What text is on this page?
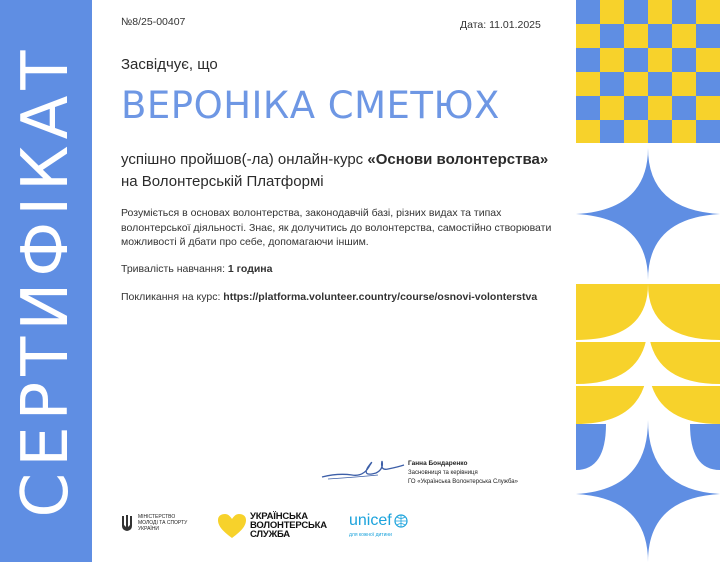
СЕРТИФІКАТ
№8/25-00407	Дата: 11.01.2025
Засвідчує, що
ВЕРОНІКА СМЕТЮХ
успішно пройшов(-ла) онлайн-курс «Основи волонтерства» на Волонтерській Платформі
Розуміється в основах волонтерства, законодавчій базі, різних видах та типах волонтерської діяльності. Знає, як долучитись до волонтерства, самостійно створювати можливості й дбати про себе, допомагаючи іншим.
Тривалість навчання: 1 година
Покликання на курс: https://platforma.volunteer.country/course/osnovi-volonterstva
Ганна Бондаренко
Засновниця та керівниця
ГО «Українська Волонтерська Служба»
МІНІСТЕРСТВО МОЛОДІ ТА СПОРТУ УКРАЇНИ
УКРАЇНСЬКА ВОЛОНТЕРСЬКА СЛУЖБА
unicef
для кожної дитини
